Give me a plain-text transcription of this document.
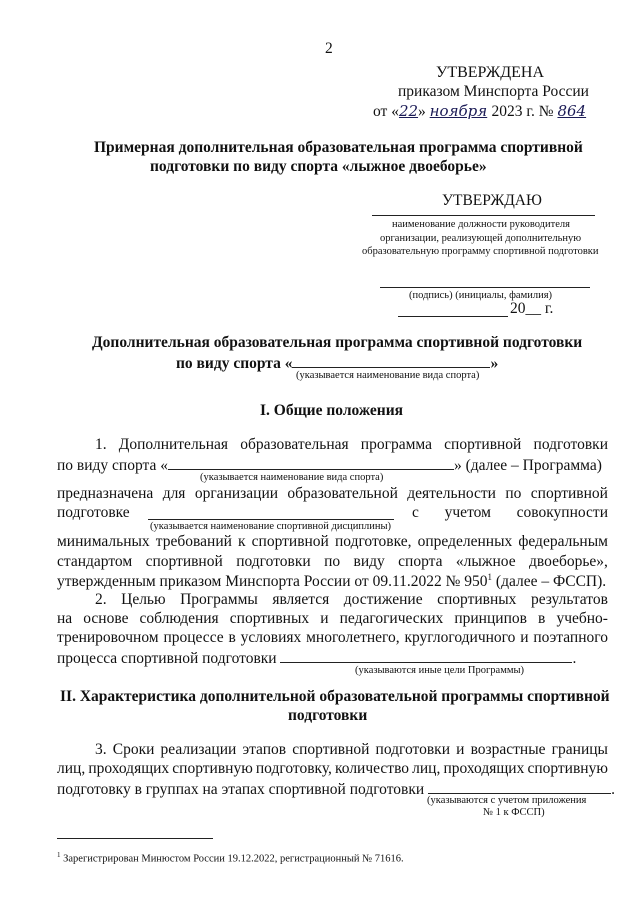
2
УТВЕРЖДЕНА
приказом Минспорта России
от «22» ноября 2023 г. № 864
Примерная дополнительная образовательная программа спортивной
подготовки по виду спорта «лыжное двоеборье»
УТВЕРЖДАЮ
наименование должности руководителя
организации, реализующей дополнительную
образовательную программу спортивной подготовки
(подпись) (инициалы, фамилия)
20__ г.
Дополнительная образовательная программа спортивной подготовки
по виду спорта «	»
(указывается наименование вида спорта)
I. Общие положения
1. Дополнительная образовательная программа спортивной подготовки
по виду спорта «	» (далее – Программа)
(указывается наименование вида спорта)
предназначена для организации образовательной деятельности по спортивной
подготовке	с учетом совокупности
(указывается наименование спортивной дисциплины)
минимальных требований к спортивной подготовке, определенных федеральным
стандартом спортивной подготовки по виду спорта «лыжное двоеборье»,
утвержденным приказом Минспорта России от 09.11.2022 № $950^1$ (далее – ФССП).
2. Целью Программы является достижение спортивных результатов
на основе соблюдения спортивных и педагогических принципов в учебно-
тренировочном процессе в условиях многолетнего, круглогодичного и поэтапного
процесса спортивной подготовки	.
(указываются иные цели Программы)
II. Характеристика дополнительной образовательной программы спортивной
подготовки
3. Сроки реализации этапов спортивной подготовки и возрастные границы
лиц, проходящих спортивную подготовку, количество лиц, проходящих спортивную
подготовку в группах на этапах спортивной подготовки	.
(указываются с учетом приложения
№ 1 к ФССП)
$^1$ Зарегистрирован Минюстом России 19.12.2022, регистрационный № 71616.
